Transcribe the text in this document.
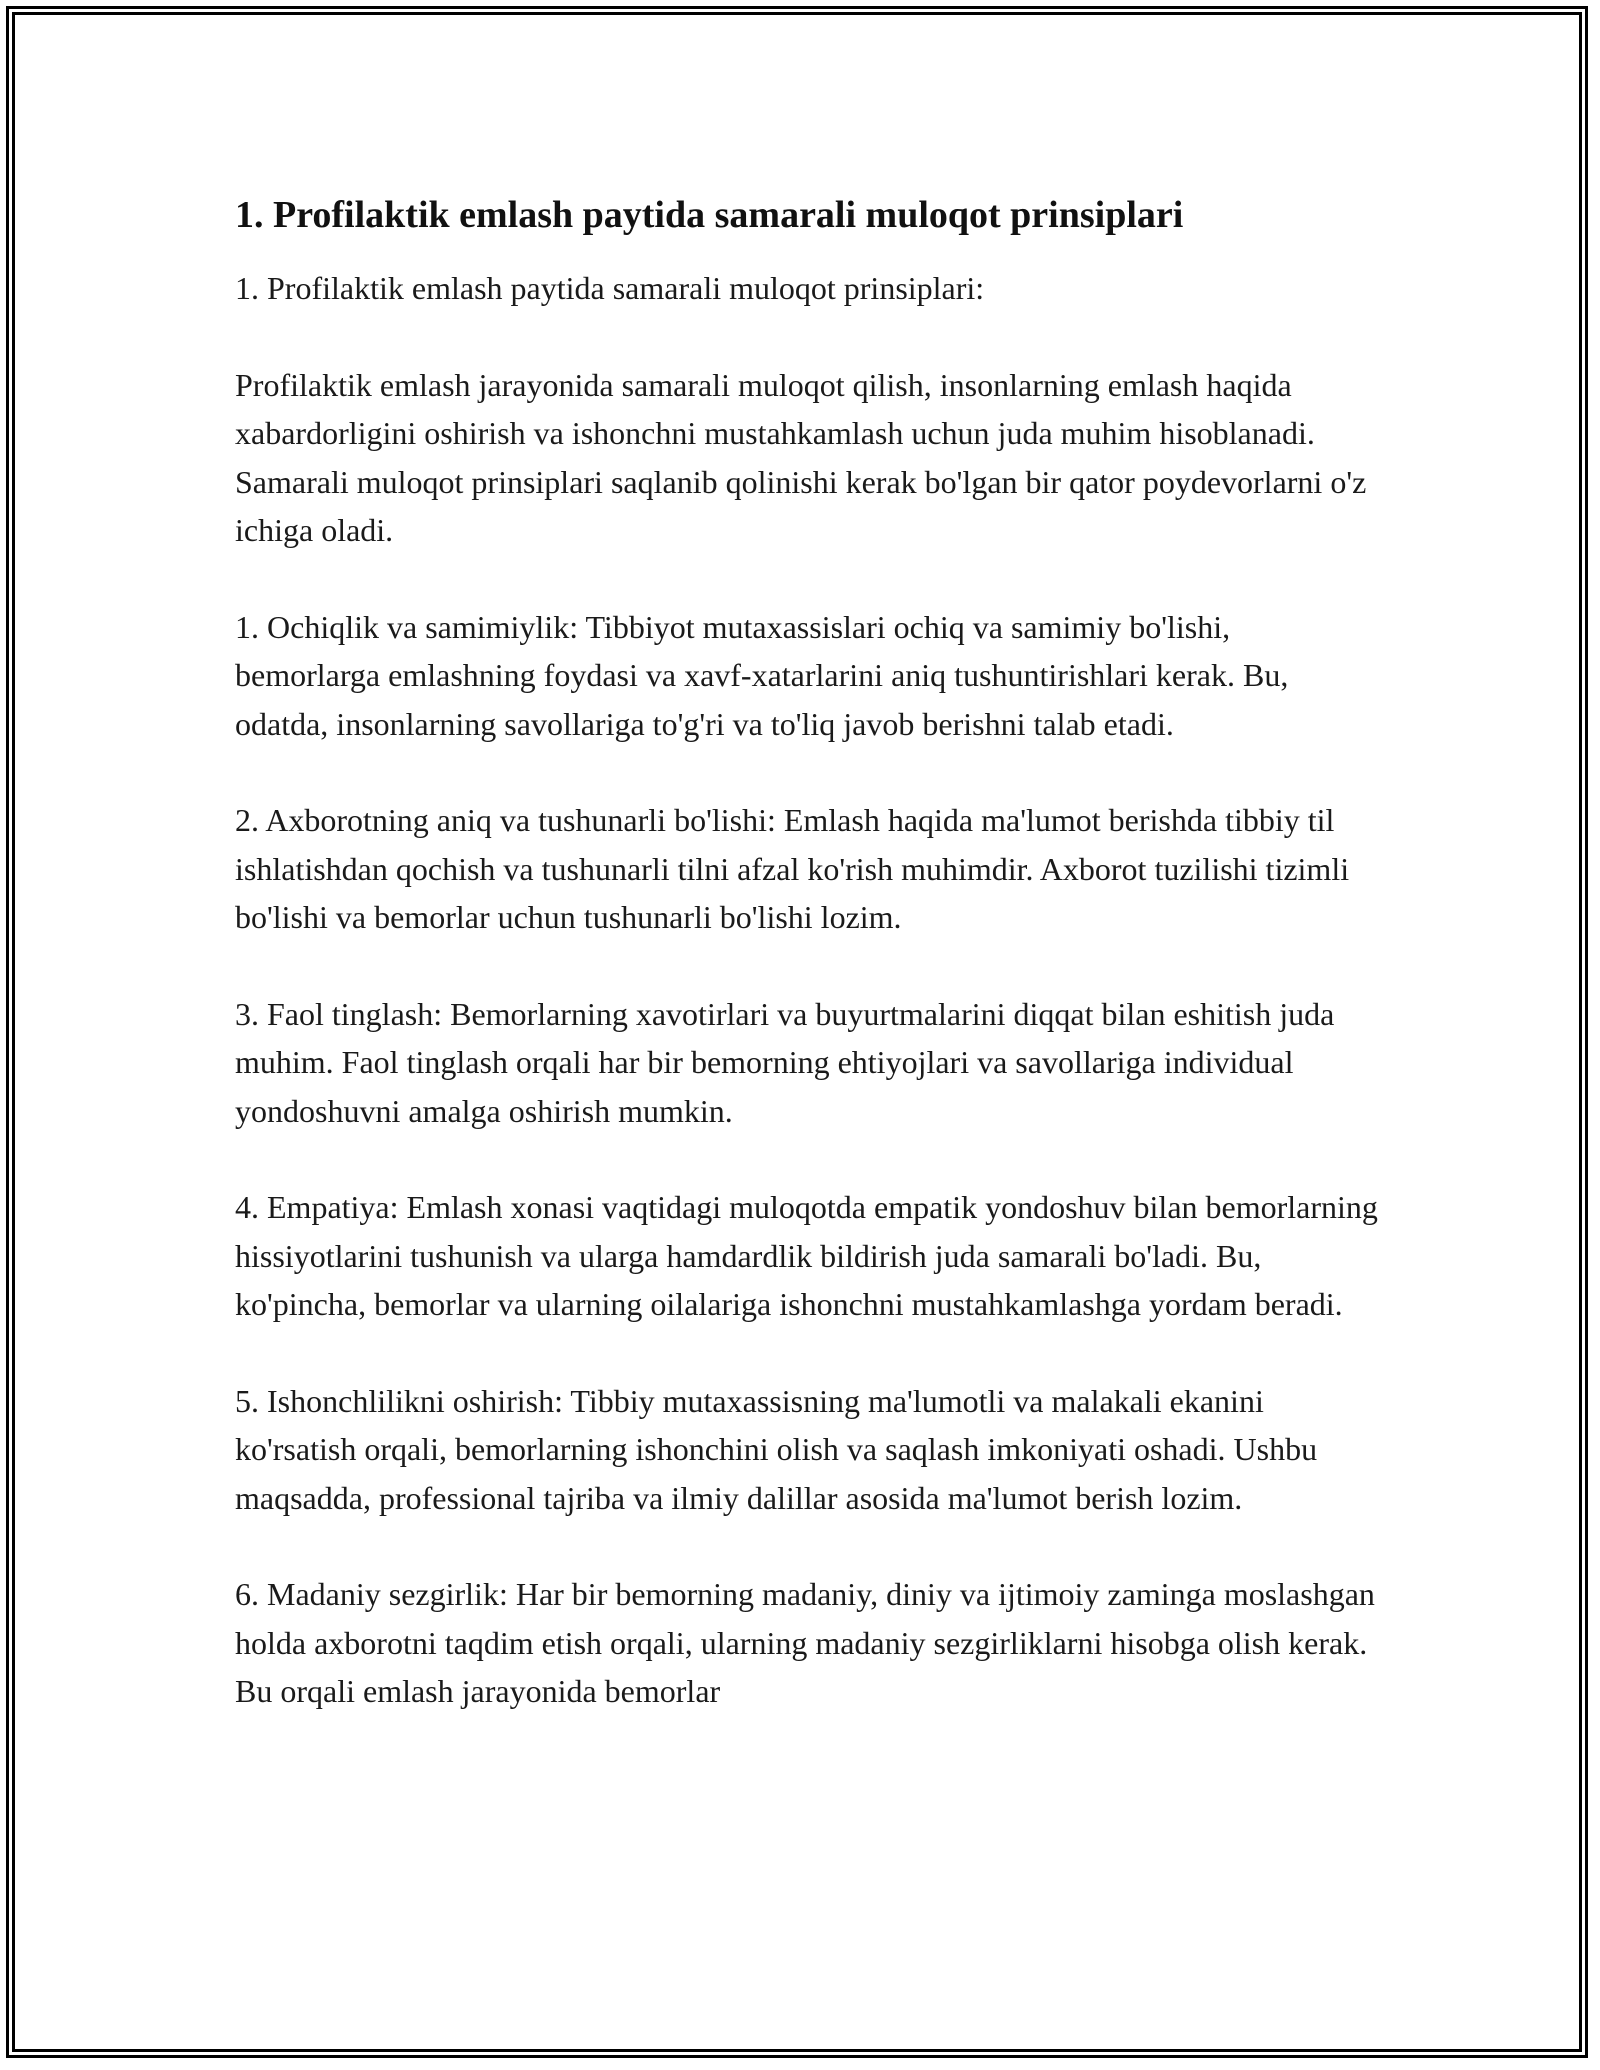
1. Profilaktik emlash paytida samarali muloqot prinsiplari

1. Profilaktik emlash paytida samarali muloqot prinsiplari:

Profilaktik emlash jarayonida samarali muloqot qilish, insonlarning emlash haqida xabardorligini oshirish va ishonchni mustahkamlash uchun juda muhim hisoblanadi. Samarali muloqot prinsiplari saqlanib qolinishi kerak bo'lgan bir qator poydevorlarni o'z ichiga oladi.

1. Ochiqlik va samimiylik: Tibbiyot mutaxassislari ochiq va samimiy bo'lishi, bemorlarga emlashning foydasi va xavf-xatarlarini aniq tushuntirishlari kerak. Bu, odatda, insonlarning savollariga to'g'ri va to'liq javob berishni talab etadi.

2. Axborotning aniq va tushunarli bo'lishi: Emlash haqida ma'lumot berishda tibbiy til ishlatishdan qochish va tushunarli tilni afzal ko'rish muhimdir. Axborot tuzilishi tizimli bo'lishi va bemorlar uchun tushunarli bo'lishi lozim.

3. Faol tinglash: Bemorlarning xavotirlari va buyurtmalarini diqqat bilan eshitish juda muhim. Faol tinglash orqali har bir bemorning ehtiyojlari va savollariga individual yondoshuvni amalga oshirish mumkin.

4. Empatiya: Emlash xonasi vaqtidagi muloqotda empatik yondoshuv bilan bemorlarning hissiyotlarini tushunish va ularga hamdardlik bildirish juda samarali bo'ladi. Bu, ko'pincha, bemorlar va ularning oilalariga ishonchni mustahkamlashga yordam beradi.

5. Ishonchlilikni oshirish: Tibbiy mutaxassisning ma'lumotli va malakali ekanini ko'rsatish orqali, bemorlarning ishonchini olish va saqlash imkoniyati oshadi. Ushbu maqsadda, professional tajriba va ilmiy dalillar asosida ma'lumot berish lozim.

6. Madaniy sezgirlik: Har bir bemorning madaniy, diniy va ijtimoiy zaminga moslashgan holda axborotni taqdim etish orqali, ularning madaniy sezgirliklarni hisobga olish kerak. Bu orqali emlash jarayonida bemorlar
